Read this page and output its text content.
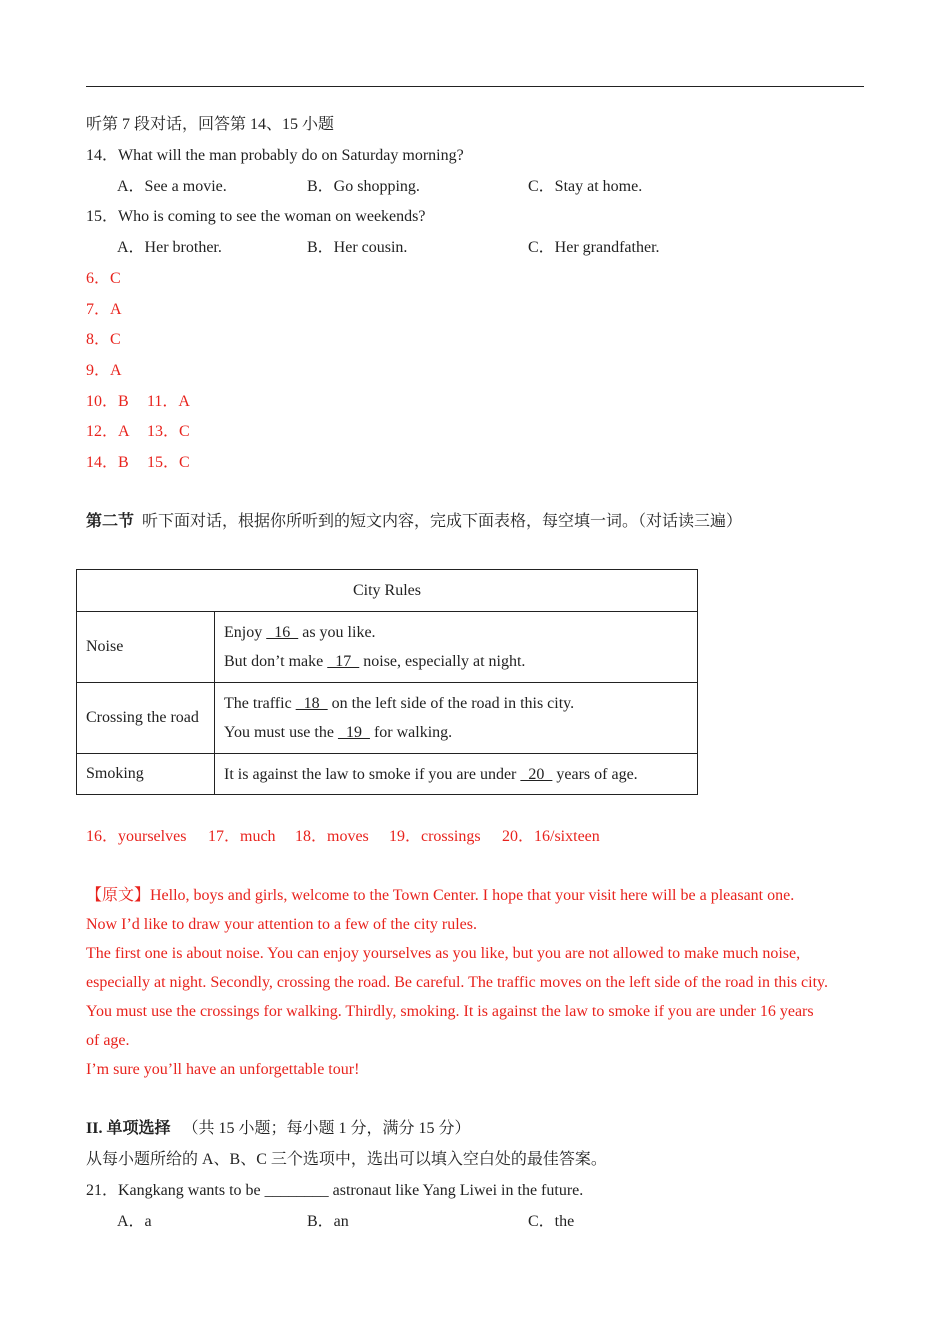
听第 7 段对话，回答第 14、15 小题
14．What will the man probably do on Saturday morning?
A．See a movie.	B．Go shopping.	C．Stay at home.
15．Who is coming to see the woman on weekends?
A．Her brother.	B．Her cousin.	C．Her grandfather.
6．C
7．A
8．C
9．A
10．B 11．A
12．A 13．C
14．B 15．C
第二节 听下面对话，根据你所听到的短文内容，完成下面表格，每空填一词。（对话读三遍）
City Rules	
Noise	Enjoy   16   as you like.
But don’t make   17   noise, especially at night.

Crossing the road	The traffic   18   on the left side of the road in this city.
You must use the   19   for walking.

Smoking	It is against the law to smoke if you are under   20   years of age.
16．yourselves 17．much 18．moves 19．crossings 20．16/sixteen
【原文】Hello, boys and girls, welcome to the Town Center. I hope that your visit here will be a pleasant one.
Now I’d like to draw your attention to a few of the city rules.
The first one is about noise. You can enjoy yourselves as you like, but you are not allowed to make much noise,
especially at night. Secondly, crossing the road. Be careful. The traffic moves on the left side of the road in this city.
You must use the crossings for walking. Thirdly, smoking. It is against the law to smoke if you are under 16 years
of age.
I’m sure you’ll have an unforgettable tour!
II. 单项选择 （共 15 小题；每小题 1 分，满分 15 分）
从每小题所给的 A、B、C 三个选项中，选出可以填入空白处的最佳答案。
21．Kangkang wants to be ________ astronaut like Yang Liwei in the future.
A．a	B．an	C．the
